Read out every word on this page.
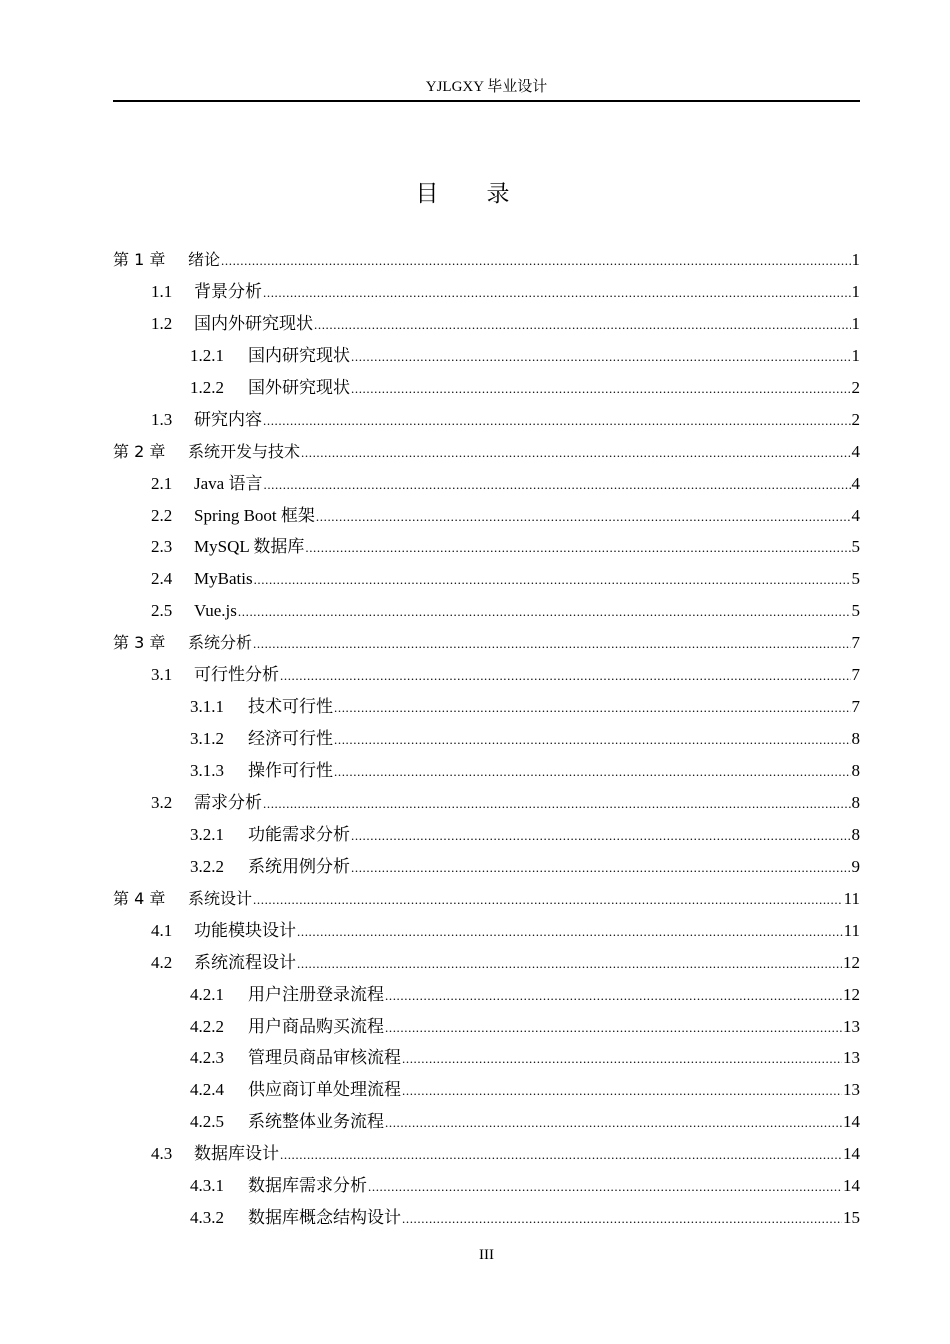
YJLGXY 毕业设计
目录
第 1 章	绪论 .....	1
1.1	背景分析 .....	1
1.2	国内外研究现状 .....	1
1.2.1	国内研究现状 .....	1
1.2.2	国外研究现状 .....	2
1.3	研究内容 .....	2
第 2 章	系统开发与技术 .....	4
2.1	Java 语言 .....	4
2.2	Spring Boot 框架 .....	4
2.3	MySQL 数据库 .....	5
2.4	MyBatis .....	5
2.5	Vue.js .....	5
第 3 章	系统分析 .....	7
3.1	可行性分析 .....	7
3.1.1	技术可行性 .....	7
3.1.2	经济可行性 .....	8
3.1.3	操作可行性 .....	8
3.2	需求分析 .....	8
3.2.1	功能需求分析 .....	8
3.2.2	系统用例分析 .....	9
第 4 章	系统设计 .....	11
4.1	功能模块设计 .....	11
4.2	系统流程设计 .....	12
4.2.1	用户注册登录流程 .....	12
4.2.2	用户商品购买流程 .....	13
4.2.3	管理员商品审核流程 .....	13
4.2.4	供应商订单处理流程 .....	13
4.2.5	系统整体业务流程 .....	14
4.3	数据库设计 .....	14
4.3.1	数据库需求分析 .....	14
4.3.2	数据库概念结构设计 .....	15
III
